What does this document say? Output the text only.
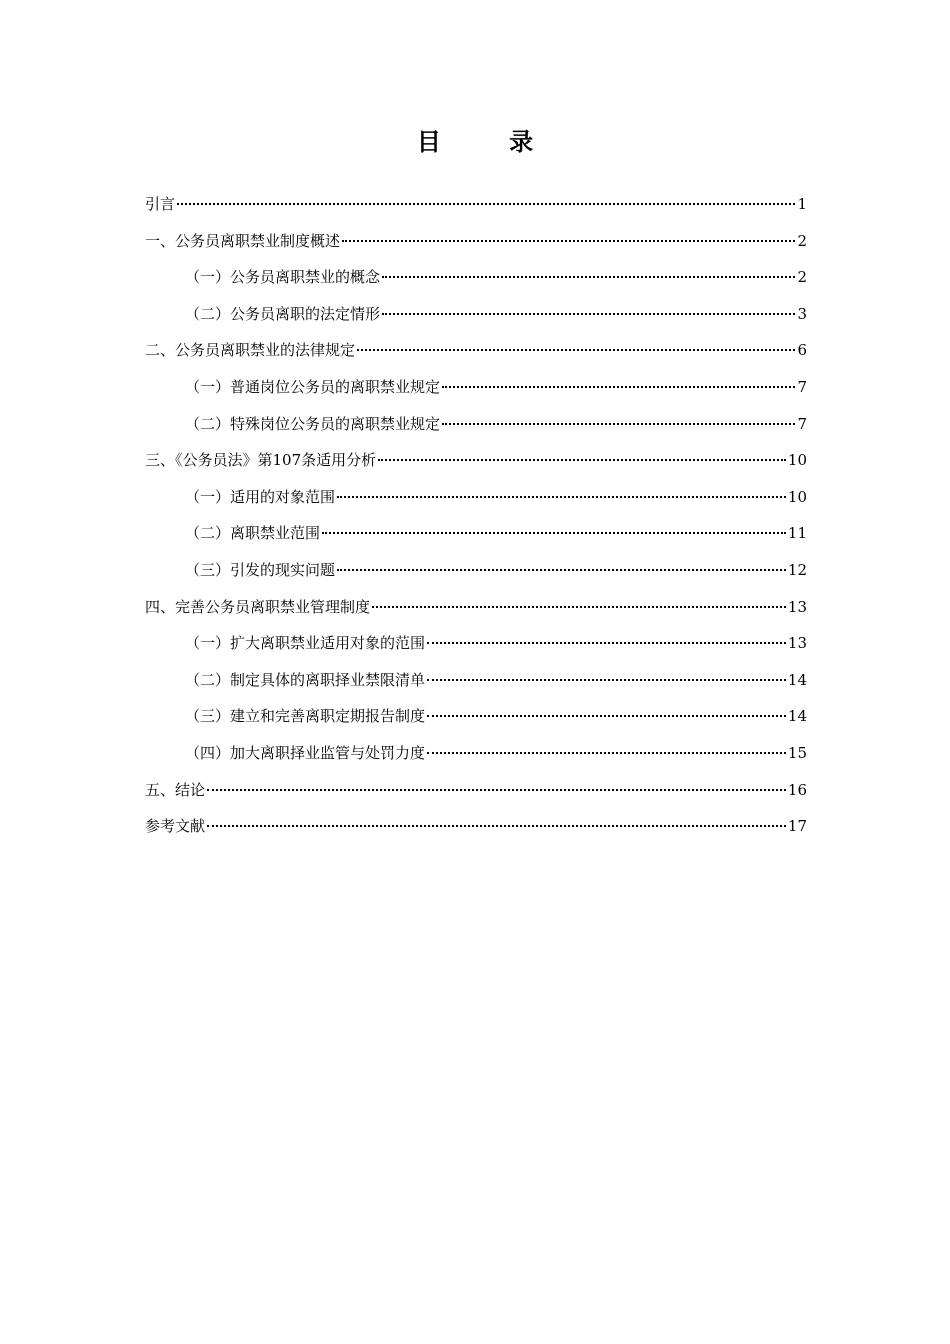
目 录
引言	1
一、公务员离职禁业制度概述	2
（一）公务员离职禁业的概念	2
（二）公务员离职的法定情形	3
二、公务员离职禁业的法律规定	6
（一）普通岗位公务员的离职禁业规定	7
（二）特殊岗位公务员的离职禁业规定	7
三、《公务员法》第107条适用分析	10
（一）适用的对象范围	10
（二）离职禁业范围	11
（三）引发的现实问题	12
四、完善公务员离职禁业管理制度	13
（一）扩大离职禁业适用对象的范围	13
（二）制定具体的离职择业禁限清单	14
（三）建立和完善离职定期报告制度	14
（四）加大离职择业监管与处罚力度	15
五、结论	16
参考文献	17
